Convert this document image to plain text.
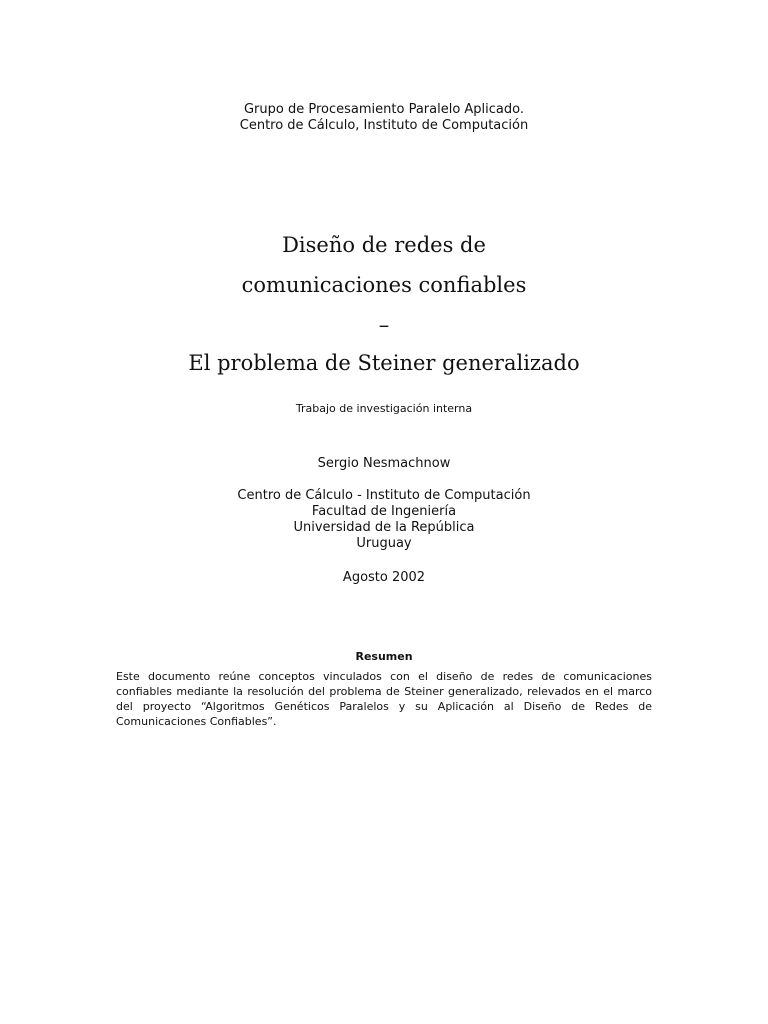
Grupo de Procesamiento Paralelo Aplicado.
Centro de Cálculo, Instituto de Computación
Diseño de redes de
comunicaciones confiables
–
El problema de Steiner generalizado
Trabajo de investigación interna
Sergio Nesmachnow
Centro de Cálculo - Instituto de Computación
Facultad de Ingeniería
Universidad de la República
Uruguay
Agosto 2002
Resumen
Este documento reúne conceptos vinculados con el diseño de redes de comunicaciones confiables mediante la resolución del problema de Steiner generalizado, relevados en el marco del proyecto “Algoritmos Genéticos Paralelos y su Aplicación al Diseño de Redes de Comunicaciones Confiables”.
